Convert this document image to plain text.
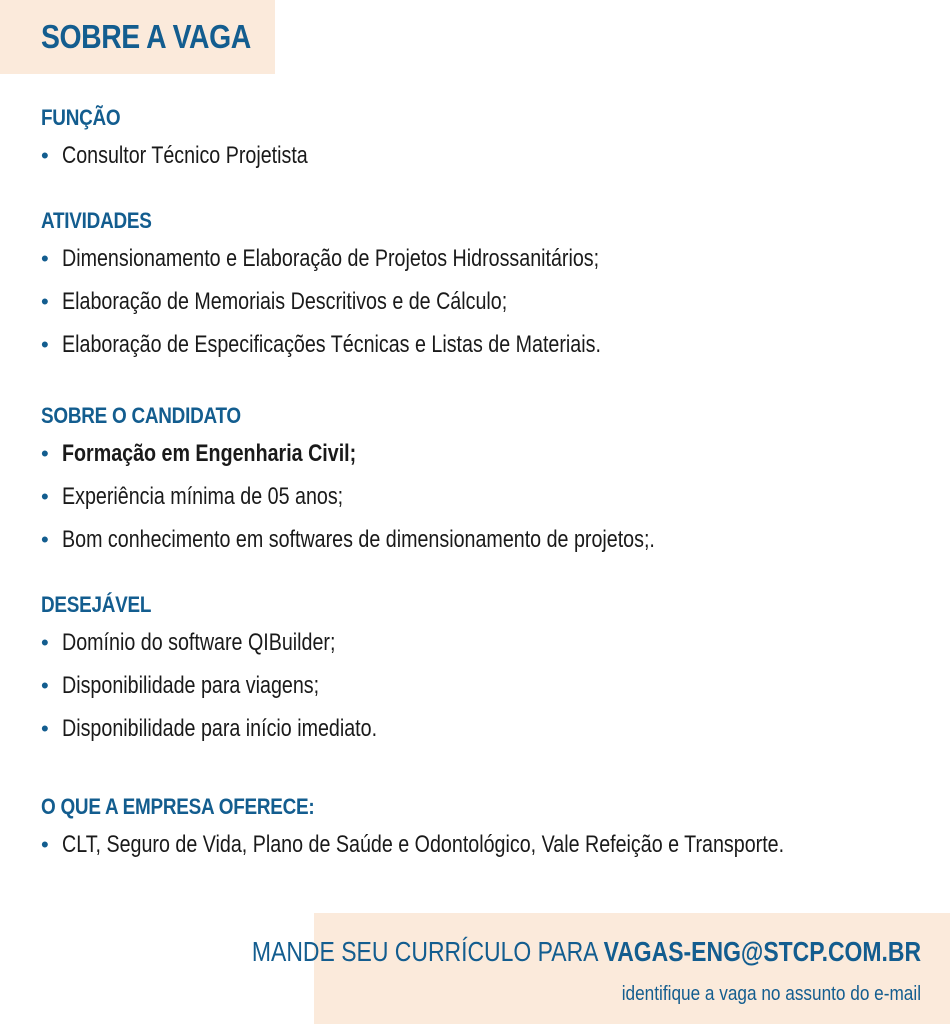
SOBRE A VAGA
FUNÇÃO
• Consultor Técnico Projetista
ATIVIDADES
• Dimensionamento e Elaboração de Projetos Hidrossanitários;
• Elaboração de Memoriais Descritivos e de Cálculo;
• Elaboração de Especificações Técnicas e Listas de Materiais.
SOBRE O CANDIDATO
• Formação em Engenharia Civil;
• Experiência mínima de 05 anos;
• Bom conhecimento em softwares de dimensionamento de projetos;.
DESEJÁVEL
• Domínio do software QIBuilder;
• Disponibilidade para viagens;
• Disponibilidade para início imediato.
O QUE A EMPRESA OFERECE:
• CLT, Seguro de Vida, Plano de Saúde e Odontológico, Vale Refeição e Transporte.
MANDE SEU CURRÍCULO PARA VAGAS-ENG@STCP.COM.BR
identifique a vaga no assunto do e-mail
